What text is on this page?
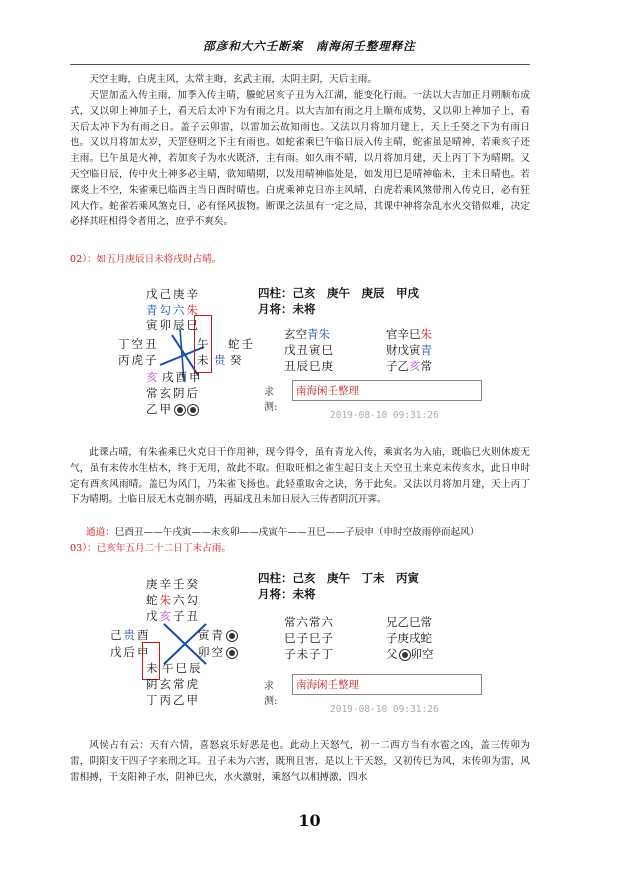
邵彦和大六壬断案　南海闲壬整理释注

天空主晦，白虎主风，太常主晦，玄武主雨，太阴主阴，天后主雨。

天罡加孟入传主雨，加季入传主晴，螣蛇居亥子丑为入江湖，能变化行雨。一法以大吉加正月朔顺布成式，又以卯上神加子上，看天后太冲下为有雨之月。以大吉加有雨之月上顺布成势，又以卯上神加子上，看天后太冲下为有雨之日。盖子云卯雷，以雷加云故知雨也。又法以月将加月建上，天上壬癸之下为有雨日也。又以月将加太岁，天罡登明之下主有雨也。如蛇雀乘巳午临日辰入传主晴，蛇雀虽是晴神，若乘亥子还主雨。巳午虽是火神，若加亥子为水火既济，主有雨。如久雨不晴，以月将加月建，天上丙丁下为晴期。又天空临日辰，传中火土神多必主晴，欲知晴期，以发用晴神临处是，如发用巳是晴神临未，主未日晴也。若课炎上不空，朱雀乘巳临酉主当日酉时晴也。白虎乘神克日亦主风晴，白虎若乘风煞带刑入传克日，必有狂风大作。蛇雀若乘风煞克日，必有怪风拔物。断课之法虽有一定之局，其课中神将杂乱水火交错似难，决定必择其旺相得令者用之，庶乎不爽矣。

02）：如五月庚辰日未将戌时占晴。

戊己庚辛
青勾六朱
寅卯辰巳
丁空丑
丙虎子
午 蛇壬
未 贵 癸
亥 戌酉申
常玄阴后
乙甲
四柱：己亥　庚午　庚辰　甲戌
月将：未将
玄空青朱
戊丑寅巳
丑辰巳庚
官辛巳朱
财戊寅青
子乙亥常
求测:
南海闲壬整理
2019-08-10 09:31:26

此课占晴，有朱雀乘巳火克日干作用神，现今得令，虽有青龙入传，乘寅名为入庙，既临巳火则休废无气，虽有末传水生枯木，终于无用，故此不取。但取旺相之雀生起日支上天空丑土来克末传亥水，此日申时定有酉亥风雨晴。盖巳为风门，乃朱雀飞扬也。此轻重取舍之诀，务于此矣。又法以月将加月建，天上丙丁下为晴期。土临日辰无木克制亦晴，再届戌丑未加日辰入三传者阴沉开霁。

通道：巳酉丑——午戌寅——未亥卯——戌寅午——丑巳——子辰申（申时空故雨停而起风）

03）：已亥年五月二十二日丁未占雨。

庚辛壬癸
蛇朱六勾
戊亥子丑
己贵酉
戊后申
未
寅青
卯空
午巳辰
阴玄常虎
丁丙乙甲
四柱：己亥　庚午　丁未　丙寅
月将：未将
常六常六
巳子巳子
子未子丁
兄乙巳常
子庚戌蛇
父 卯空
求测:
南海闲壬整理
2019-08-10 09:31:26

风侯占有云：天有六情，喜怒哀乐好恶是也。此动上天怒气，初一二西方当有水雹之凶，盖三传卯为雷，阴阳支干四子字来刑之耳。丑子未为六害，既刑且害，是以上干天怒，又初传巳为风，末传卯为雷，风雷相搏，干支阳神子水，阴神巳火，水火激射，乘怒气以相搏激，四水

10
